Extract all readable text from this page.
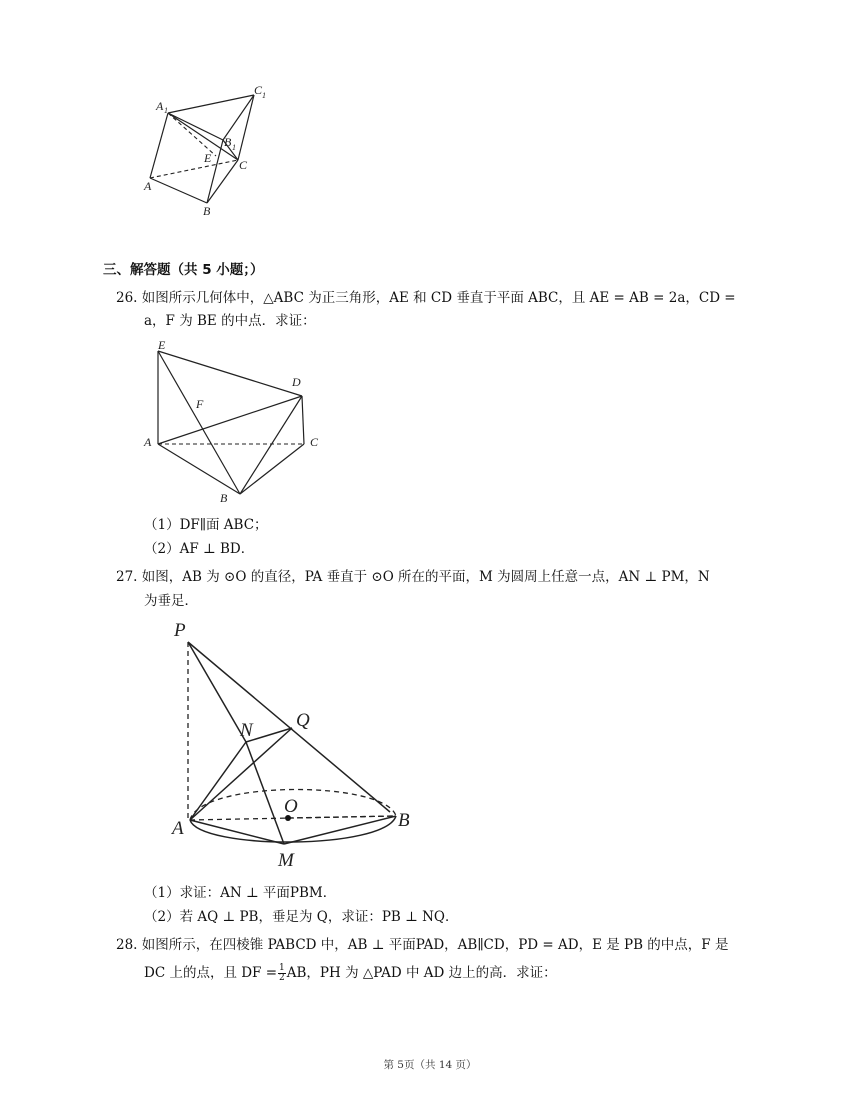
A 1
C 1
B 1
E C
A
B
三、解答题（共 5 小题；）
26. 如图所示几何体中，△ABC 为正三角形，AE 和 CD 垂直于平面 ABC，且 AE = AB = 2a，CD =
a，F 为 BE 的中点．求证：
E
D
F
A	C
B
（1）DF∥面 ABC；
（2）AF ⊥ BD．
27. 如图，AB 为 ⊙O 的直径，PA 垂直于 ⊙O 所在的平面，M 为圆周上任意一点，AN ⊥ PM，N
为垂足．
P
N Q
O
A	B
M
（1）求证：AN ⊥ 平面PBM．
（2）若 AQ ⊥ PB，垂足为 Q，求证：PB ⊥ NQ．
28. 如图所示，在四棱锥 PABCD 中，AB ⊥ 平面PAD，AB∥CD，PD = AD，E 是 PB 的中点，F 是
DC 上的点，且 DF = $\frac{1}{2}$ AB，PH 为 △PAD 中 AD 边上的高．求证：
第 5页（共 14 页）
